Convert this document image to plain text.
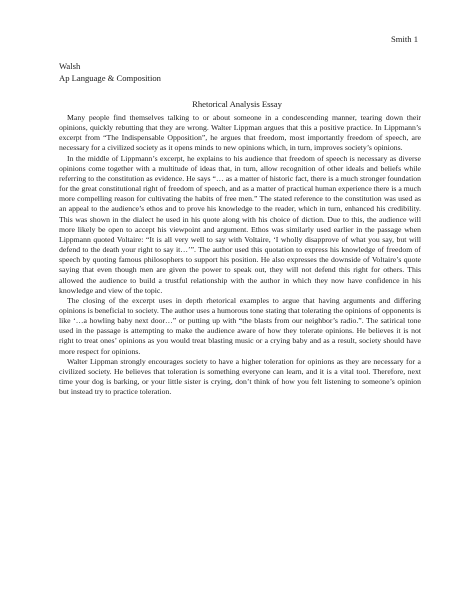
Smith 1
Walsh
Ap Language & Composition
Rhetorical Analysis Essay

Many people find themselves talking to or about someone in a condescending manner, tearing down their opinions, quickly rebutting that they are wrong. Walter Lippman argues that this a positive practice. In Lippmann’s excerpt from “The Indispensable Opposition”, he argues that freedom, most importantly freedom of speech, are necessary for a civilized society as it opens minds to new opinions which, in turn, improves society’s opinions.

In the middle of Lippmann’s excerpt, he explains to his audience that freedom of speech is necessary as diverse opinions come together with a multitude of ideas that, in turn, allow recognition of other ideals and beliefs while referring to the constitution as evidence. He says “… as a matter of historic fact, there is a much stronger foundation for the great constitutional right of freedom of speech, and as a matter of practical human experience there is a much more compelling reason for cultivating the habits of free men.” The stated reference to the constitution was used as an appeal to the audience’s ethos and to prove his knowledge to the reader, which in turn, enhanced his credibility. This was shown in the dialect he used in his quote along with his choice of diction. Due to this, the audience will more likely be open to accept his viewpoint and argument. Ethos was similarly used earlier in the passage when Lippmann quoted Voltaire: “It is all very well to say with Voltaire, ‘I wholly disapprove of what you say, but will defend to the death your right to say it…’”. The author used this quotation to express his knowledge of freedom of speech by quoting famous philosophers to support his position. He also expresses the downside of Voltaire’s quote saying that even though men are given the power to speak out, they will not defend this right for others. This allowed the audience to build a trustful relationship with the author in which they now have confidence in his knowledge and view of the topic.

The closing of the excerpt uses in depth rhetorical examples to argue that having arguments and differing opinions is beneficial to society. The author uses a humorous tone stating that tolerating the opinions of opponents is like ‘…a howling baby next door…” or putting up with “the blasts from our neighbor’s radio.”. The satirical tone used in the passage is attempting to make the audience aware of how they tolerate opinions. He believes it is not right to treat ones’ opinions as you would treat blasting music or a crying baby and as a result, society should have more respect for opinions.

Walter Lippman strongly encourages society to have a higher toleration for opinions as they are necessary for a civilized society. He believes that toleration is something everyone can learn, and it is a vital tool. Therefore, next time your dog is barking, or your little sister is crying, don’t think of how you felt listening to someone’s opinion but instead try to practice toleration.
